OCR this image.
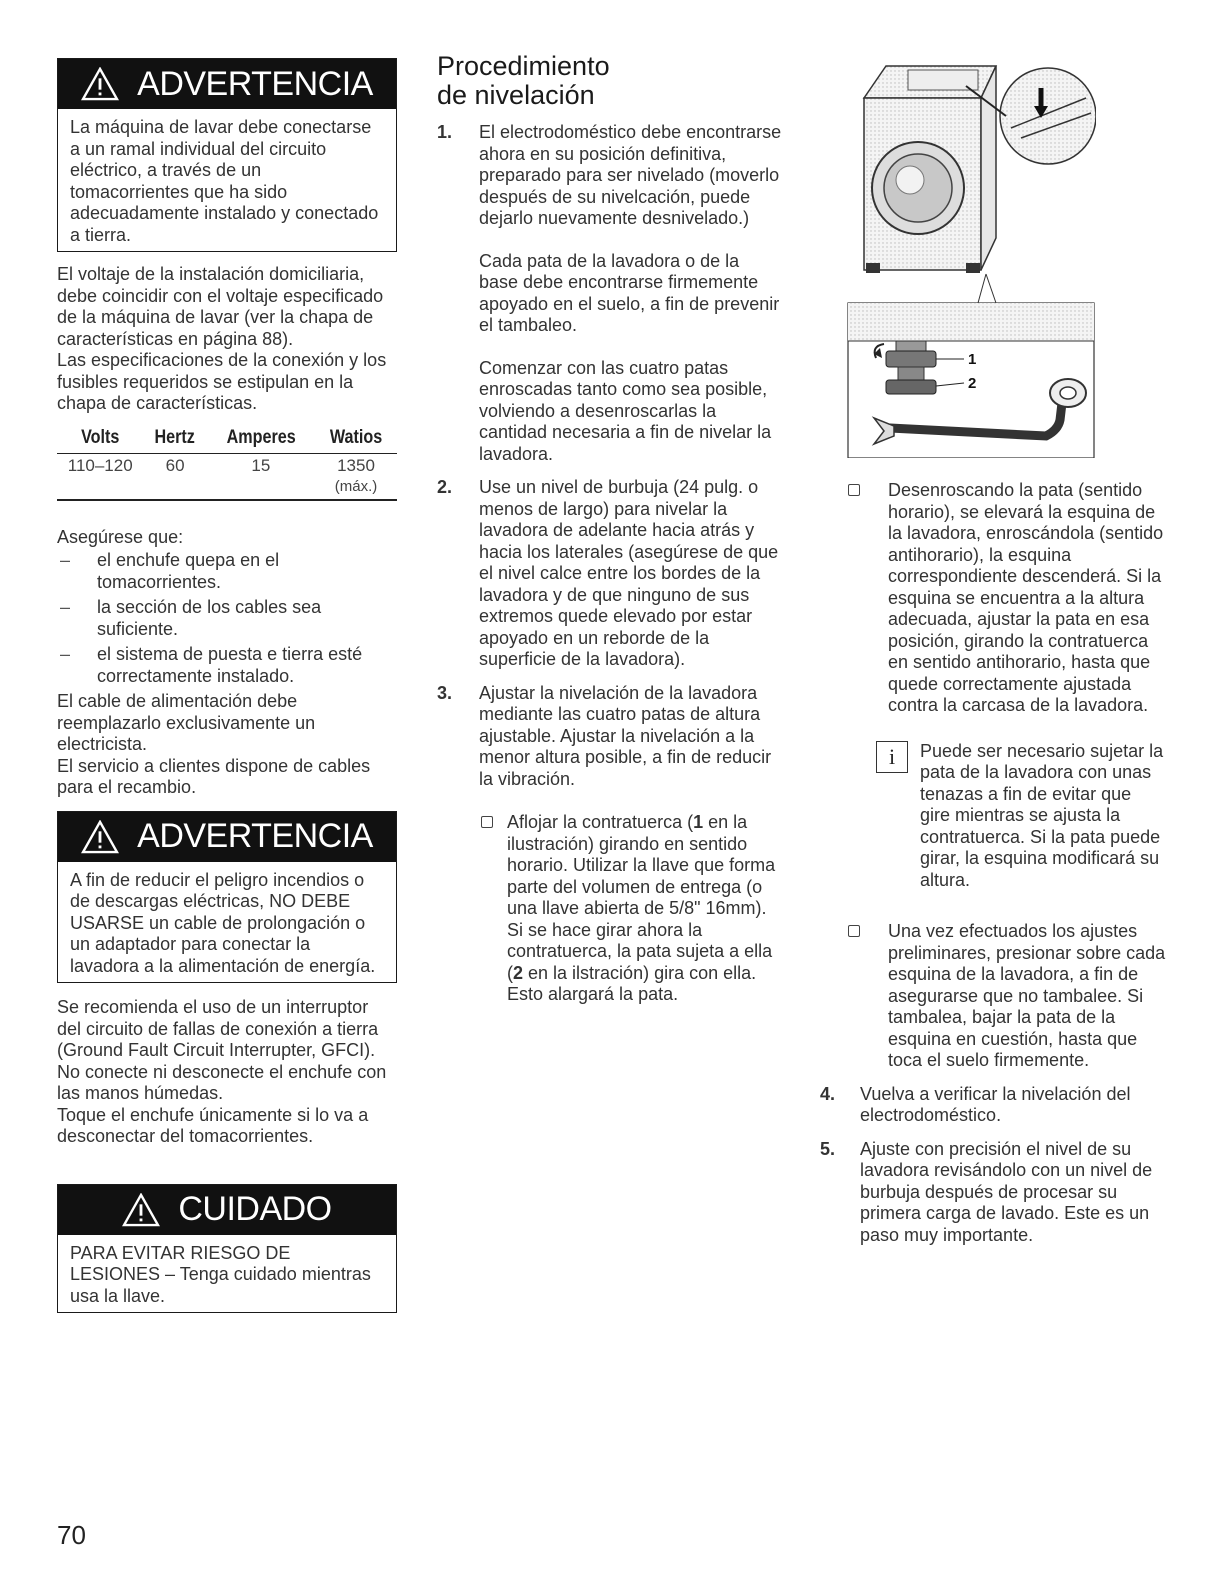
ADVERTENCIA

La máquina de lavar debe conectarse a un ramal individual del circuito eléctrico, a través de un tomacorrientes que ha sido adecuadamente instalado y conectado a tierra.

El voltaje de la instalación domiciliaria, debe coincidir con el voltaje especificado de la máquina de lavar (ver la chapa de características en página 88).

Las especificaciones de la conexión y los fusibles requeridos se estipulan en la chapa de características.

Volts	Hertz	Amperes	Watios
110–120	60	15	1350
			(máx.)

Asegúrese que:

– el enchufe quepa en el tomacorrientes.
– la sección de los cables sea suficiente.
– el sistema de puesta e tierra esté correctamente instalado.

El cable de alimentación debe reemplazarlo exclusivamente un electricista.

El servicio a clientes dispone de cables para el recambio.

ADVERTENCIA

A fin de reducir el peligro incendios o de descargas eléctricas, NO DEBE USARSE un cable de prolongación o un adaptador para conectar la lavadora a la alimentación de energía.

Se recomienda el uso de un interruptor del circuito de fallas de conexión a tierra (Ground Fault Circuit Interrupter, GFCI).

No conecte ni desconecte el enchufe con las manos húmedas.

Toque el enchufe únicamente si lo va a desconectar del tomacorrientes.

CUIDADO

PARA EVITAR RIESGO DE LESIONES – Tenga cuidado mientras usa la llave.

Procedimiento
de nivelación
1. El electrodoméstico debe encontrarse ahora en su posición definitiva, preparado para ser nivelado (moverlo después de su nivelcación, puede dejarlo nuevamente desnivelado.)

Cada pata de la lavadora o de la base debe encontrarse firmemente apoyado en el suelo, a fin de prevenir el tambaleo.

Comenzar con las cuatro patas enroscadas tanto como sea posible, volviendo a desenroscarlas la cantidad necesaria a fin de nivelar la lavadora.

2. Use un nivel de burbuja (24 pulg. o menos de largo) para nivelar la lavadora de adelante hacia atrás y hacia los laterales (asegúrese de que el nivel calce entre los bordes de la lavadora y de que ninguno de sus extremos quede elevado por estar apoyado en un reborde de la superficie de la lavadora).

3. Ajustar la nivelación de la lavadora mediante las cuatro patas de altura ajustable. Ajustar la nivelación a la menor altura posible, a fin de reducir la vibración.

Aflojar la contratuerca (1 en la ilustración) girando en sentido horario. Utilizar la llave que forma parte del volumen de entrega (o una llave abierta de 5/8" 16mm). Si se hace girar ahora la contratuerca, la pata sujeta a ella (2 en la ilstración) gira con ella. Esto alargará la pata.

1
2

Desenroscando la pata (sentido horario), se elevará la esquina de la lavadora, enroscándola (sentido antihorario), la esquina correspondiente descenderá. Si la esquina se encuentra a la altura adecuada, ajustar la pata en esa posición, girando la contratuerca en sentido antihorario, hasta que quede correctamente ajustada contra la carcasa de la lavadora.

i	Puede ser necesario sujetar la pata de la lavadora con unas tenazas a fin de evitar que gire mientras se ajusta la contratuerca. Si la pata puede girar, la esquina modificará su altura.

Una vez efectuados los ajustes preliminares, presionar sobre cada esquina de la lavadora, a fin de asegurarse que no tambalee. Si tambalea, bajar la pata de la esquina en cuestión, hasta que toca el suelo firmemente.

4. Vuelva a verificar la nivelación del electrodoméstico.

5. Ajuste con precisión el nivel de su lavadora revisándolo con un nivel de burbuja después de procesar su primera carga de lavado. Este es un paso muy importante.

70
